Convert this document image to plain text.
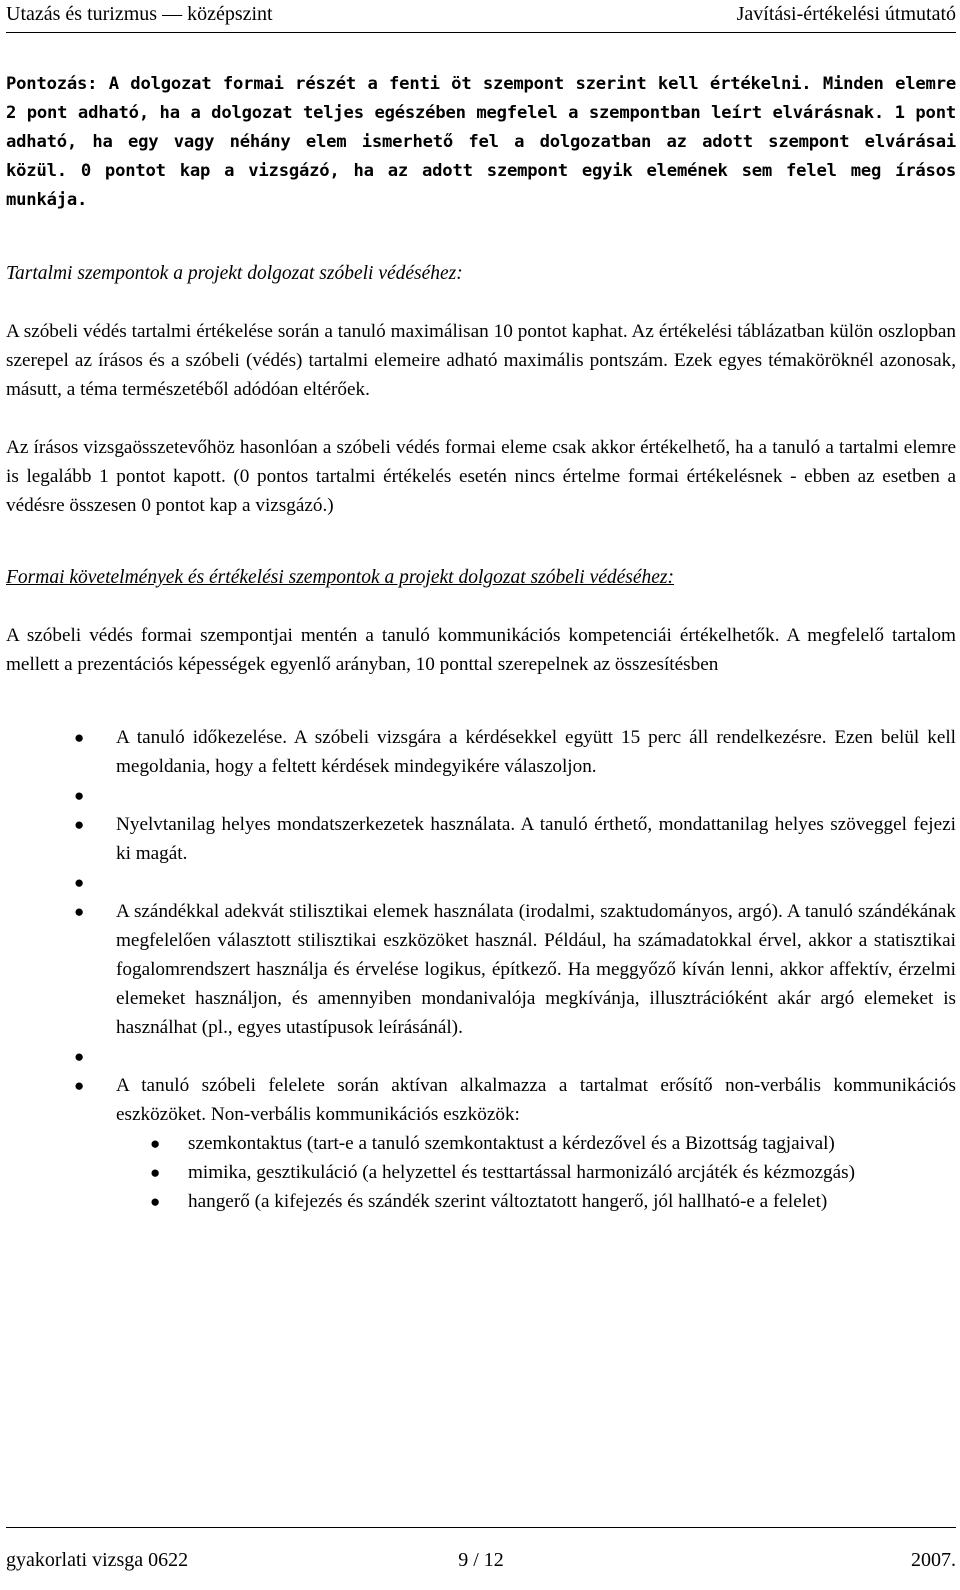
Utazás és turizmus — középszint	Javítási-értékelési útmutató

Pontozás: A dolgozat formai részét a fenti öt szempont szerint kell értékelni. Minden elemre 2 pont adható, ha a dolgozat teljes egészében megfelel a szempontban leírt elvárásnak. 1 pont adható, ha egy vagy néhány elem ismerhető fel a dolgozatban az adott szempont elvárásai közül. 0 pontot kap a vizsgázó, ha az adott szempont egyik elemének sem felel meg írásos munkája.

Tartalmi szempontok a projekt dolgozat szóbeli védéséhez:

A szóbeli védés tartalmi értékelése során a tanuló maximálisan 10 pontot kaphat. Az értékelési táblázatban külön oszlopban szerepel az írásos és a szóbeli (védés) tartalmi elemeire adható maximális pontszám. Ezek egyes témaköröknél azonosak, másutt, a téma természetéből adódóan eltérőek.

Az írásos vizsgaösszetevőhöz hasonlóan a szóbeli védés formai eleme csak akkor értékelhető, ha a tanuló a tartalmi elemre is legalább 1 pontot kapott. (0 pontos tartalmi értékelés esetén nincs értelme formai értékelésnek - ebben az esetben a védésre összesen 0 pontot kap a vizsgázó.)

Formai követelmények és értékelési szempontok a projekt dolgozat szóbeli védéséhez:

A szóbeli védés formai szempontjai mentén a tanuló kommunikációs kompetenciái értékelhetők. A megfelelő tartalom mellett a prezentációs képességek egyenlő arányban, 10 ponttal szerepelnek az összesítésben

● A tanuló időkezelése. A szóbeli vizsgára a kérdésekkel együtt 15 perc áll rendelkezésre. Ezen belül kell megoldania, hogy a feltett kérdések mindegyikére válaszoljon.
●
● Nyelvtanilag helyes mondatszerkezetek használata. A tanuló érthető, mondattanilag helyes szöveggel fejezi ki magát.
●
● A szándékkal adekvát stilisztikai elemek használata (irodalmi, szaktudományos, argó). A tanuló szándékának megfelelően választott stilisztikai eszközöket használ. Például, ha számadatokkal érvel, akkor a statisztikai fogalomrendszert használja és érvelése logikus, építkező. Ha meggyőző kíván lenni, akkor affektív, érzelmi elemeket használjon, és amennyiben mondanivalója megkívánja, illusztrációként akár argó elemeket is használhat (pl., egyes utastípusok leírásánál).
●
● A tanuló szóbeli felelete során aktívan alkalmazza a tartalmat erősítő non-verbális kommunikációs eszközöket. Non-verbális kommunikációs eszközök:
● szemkontaktus (tart-e a tanuló szemkontaktust a kérdezővel és a Bizottság tagjaival)
● mimika, gesztikuláció (a helyzettel és testtartással harmonizáló arcjáték és kézmozgás)
● hangerő (a kifejezés és szándék szerint változtatott hangerő, jól hallható-e a felelet)
gyakorlati vizsga 0622	9 / 12	2007.
